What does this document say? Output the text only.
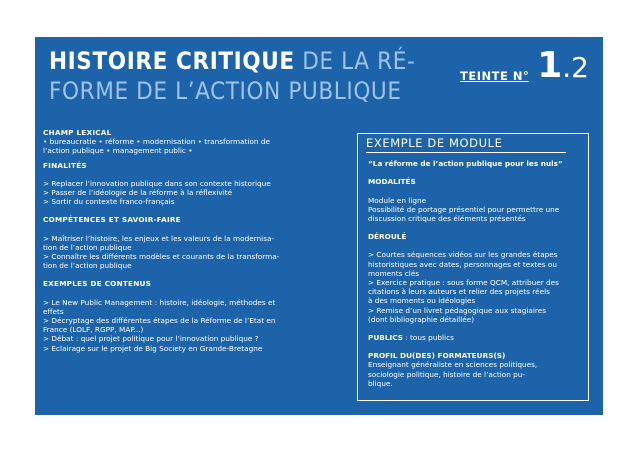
HISTOIRE CRITIQUE DE LA RÉ-
FORME DE L’ACTION PUBLIQUE
TEINTE N° 1.2
CHAMP LEXICAL
• bureaucratie • réforme • modernisation • transformation de
l’action publique • management public •
FINALITÉS
> Replacer l’innovation publique dans son contexte historique
> Passer de l’idéologie de la réforme à la réflexivité
> Sortir du contexte franco-français
COMPÉTENCES ET SAVOIR-FAIRE
> Maîtriser l’histoire, les enjeux et les valeurs de la modernisa-
tion de l’action publique
> Connaître les différents modèles et courants de la transforma-
tion de l’action publique
EXEMPLES DE CONTENUS
> Le New Public Management : histoire, idéologie, méthodes et
effets
> Décryptage des différentes étapes de la Réforme de l’Etat en
France (LOLF, RGPP, MAP...)
> Débat : quel projet politique pour l’innovation publique ?
> Eclairage sur le projet de Big Society en Grande-Bretagne
EXEMPLE DE MODULE
“La réforme de l’action publique pour les nuls”
MODALITÉS
Module en ligne
Possibilité de portage présentiel pour permettre une
discussion critique des éléments présentés
DÉROULÉ
> Courtes séquences vidéos sur les grandes étapes
historistiques avec dates, personnages et textes ou
moments clés
> Exercice pratique : sous forme QCM, attribuer des
citations à leurs auteurs et relier des projets réels
à des moments ou idéologies
> Remise d’un livret pédagogique aux stagiaires
(dont bibliographie détaillée)
PUBLICS : tous publics
PROFIL DU(DES) FORMATEURS(S)
Enseignant généraliste en sciences politiques,
sociologie politique, histoire de l’action pu-
blique.
